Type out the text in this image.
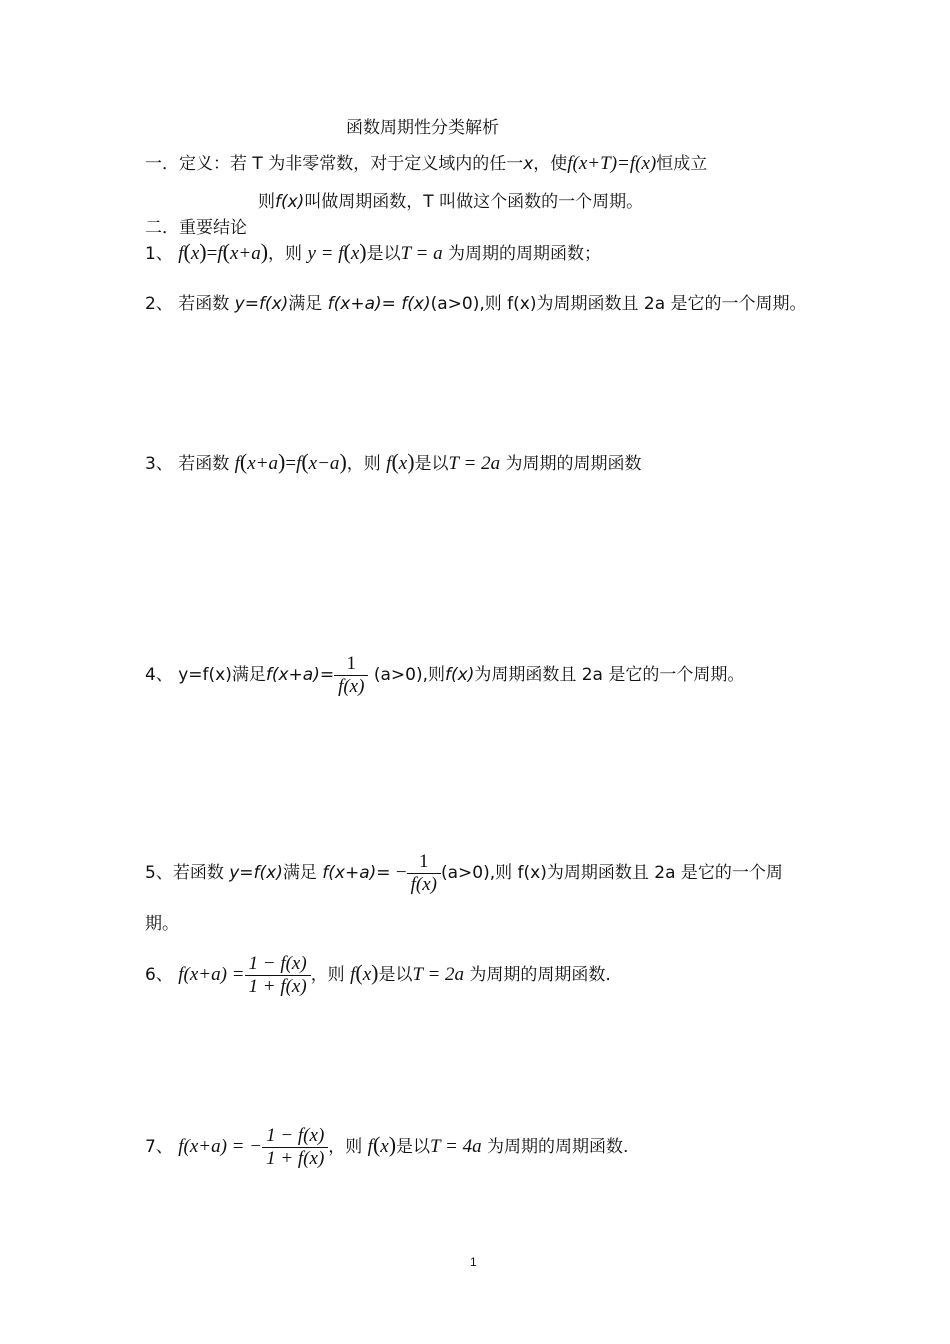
函数周期性分类解析
一．定义：若 T 为非零常数，对于定义域内的任一x，使f(x+T)=f(x)恒成立
则f(x)叫做周期函数，T 叫做这个函数的一个周期。
二．重要结论
1、 f(x)=f(x+a)，则 y = f(x)是以T = a 为周期的周期函数；
2、 若函数 y=f(x)满足 f(x+a)= f(x)(a>0),则 f(x)为周期函数且 2a 是它的一个周期。
3、 若函数 f(x+a)=f(x−a)，则 f(x)是以T = 2a 为周期的周期函数
4、 y=f(x)满足$f(x+a)= \frac{1}{f(x)} (a>0)$,则f(x)为周期函数且 2a 是它的一个周期。
5、若函数 y=f(x)满足 $f(x+a)= - \frac{1}{f(x)} (a>0)$,则 f(x)为周期函数且 2a 是它的一个周
期。
6、 $f(x+a) = \frac{1 - f(x)}{1 + f(x)}$ ，则 f(x)是以T = 2a 为周期的周期函数.
7、 f(x+a) = − $\frac{1 - f(x)}{1 + f(x)}$ ，则 f(x)是以T = 4a 为周期的周期函数.
1
